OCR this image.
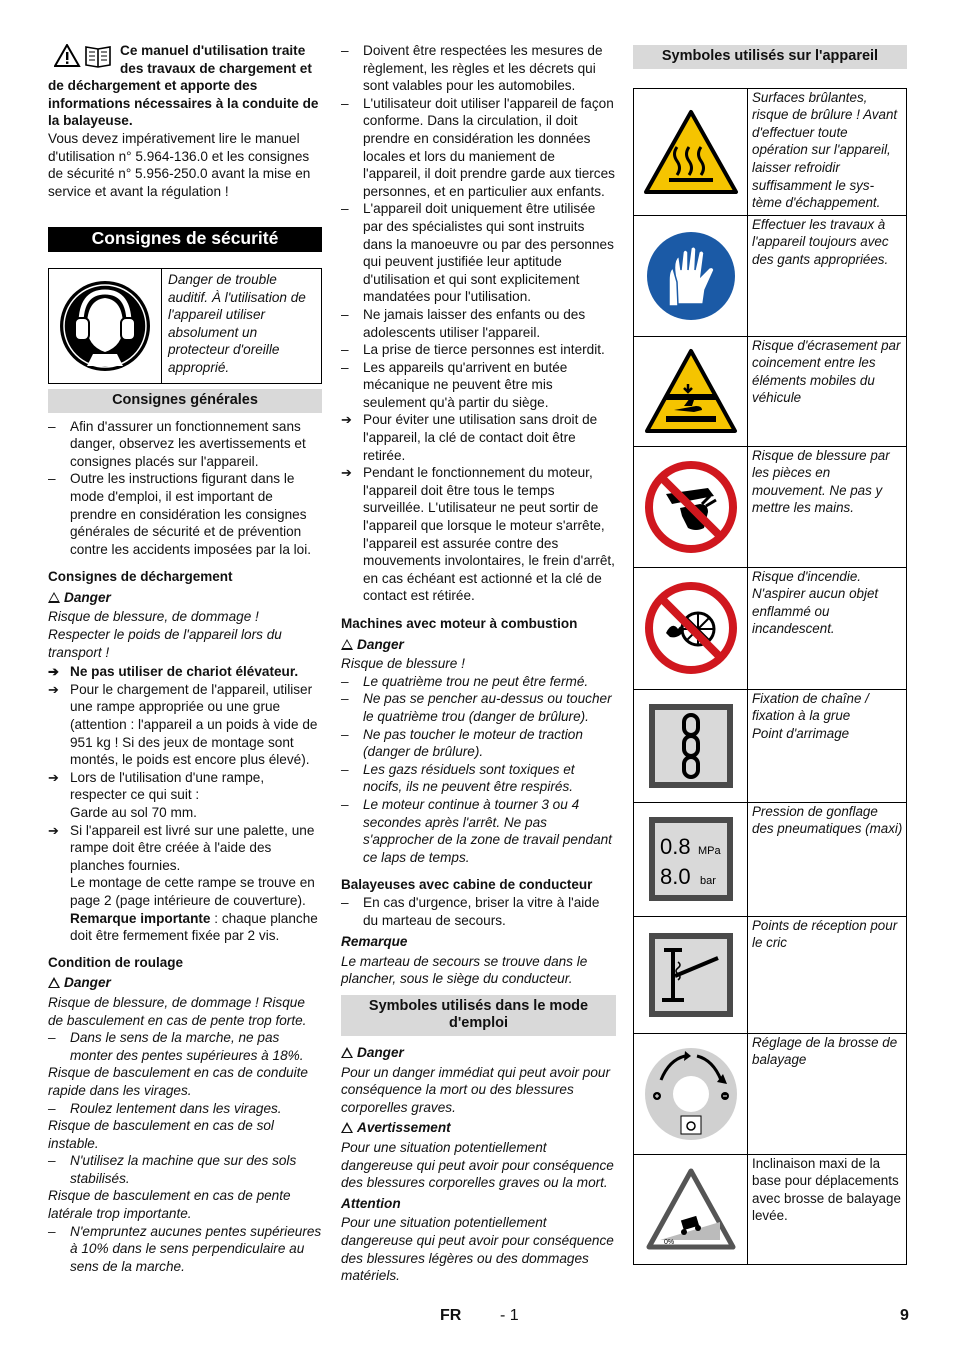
Ce manuel d'utilisation traite des travaux de chargement et de déchargement et apporte des informations nécessaires à la conduite de la balayeuse.

Vous devez impérativement lire le manuel d'utilisation n° 5.964-136.0 et les consignes de sécurité n° 5.956-250.0 avant la mise en service et avant la régulation !

Consignes de sécurité
Danger de trouble auditif. À l'utilisation de l'appareil utiliser absolument un protecteur d'oreille approprié.
Consignes générales
– Afin d'assurer un fonctionnement sans danger, observez les avertissements et consignes placés sur l'appareil.
– Outre les instructions figurant dans le mode d'emploi, il est important de prendre en considération les consignes générales de sécurité et de prévention contre les accidents imposées par la loi.

Consignes de déchargement

Danger

Risque de blessure, de dommage ! Respecter le poids de l'appareil lors du transport !

➔ Ne pas utiliser de chariot élévateur.
➔ Pour le chargement de l'appareil, utiliser une rampe appropriée ou une grue (attention : l'appareil a un poids à vide de 951 kg ! Si des jeux de montage sont montés, le poids est encore plus élevé).
➔ Lors de l'utilisation d'une rampe, respecter ce qui suit :

Garde au sol 70 mm.

➔ Si l'appareil est livré sur une palette, une rampe doit être créée à l'aide des planches fournies.

Le montage de cette rampe se trouve en page 2 (page intérieure de couverture).

Remarque importante : chaque planche doit être fermement fixée par 2 vis.

Condition de roulage

Danger

Risque de blessure, de dommage ! Risque de basculement en cas de pente trop forte.

– Dans le sens de la marche, ne pas monter des pentes supérieures à 18%.

Risque de basculement en cas de conduite rapide dans les virages.

– Roulez lentement dans les virages.

Risque de basculement en cas de sol instable.

– N'utilisez la machine que sur des sols stabilisés.

Risque de basculement en cas de pente latérale trop importante.

– N'empruntez aucunes pentes supérieures à 10% dans le sens perpendiculaire au sens de la marche.
– Doivent être respectées les mesures de règlement, les règles et les décrets qui sont valables pour les automobiles.
– L'utilisateur doit utiliser l'appareil de façon conforme. Dans la circulation, il doit prendre en considération les données locales et lors du maniement de l'appareil, il doit prendre garde aux tierces personnes, et en particulier aux enfants.
– L'appareil doit uniquement être utilisée par des spécialistes qui sont instruits dans la manoeuvre ou par des personnes qui peuvent justifiée leur aptitude d'utilisation et qui sont explicitement mandatées pour l'utilisation.
– Ne jamais laisser des enfants ou des adolescents utiliser l'appareil.
– La prise de tierce personnes est interdit.
– Les appareils qu'arrivent en butée mécanique ne peuvent être mis seulement qu'à partir du siège.
➔ Pour éviter une utilisation sans droit de l'appareil, la clé de contact doit être retirée.
➔ Pendant le fonctionnement du moteur, l'appareil doit être tous le temps surveillée. L'utilisateur ne peut sortir de l'appareil que lorsque le moteur s'arrête, l'appareil est assurée contre des mouvements involontaires, le frein d'arrêt, en cas échéant est actionné et la clé de contact est rétirée.

Machines avec moteur à combustion

Danger

Risque de blessure !

– Le quatrième trou ne peut être fermé.
– Ne pas se pencher au-dessus ou toucher le quatrième trou (danger de brûlure).
– Ne pas toucher le moteur de traction (danger de brûlure).
– Les gazs résiduels sont toxiques et nocifs, ils ne peuvent être respirés.
– Le moteur continue à tourner 3 ou 4 secondes après l'arrêt. Ne pas s'approcher de la zone de travail pendant ce laps de temps.

Balayeuses avec cabine de conducteur

– En cas d'urgence, briser la vitre à l'aide du marteau de secours.

Remarque

Le marteau de secours se trouve dans le plancher, sous le siège du conducteur.

Symboles utilisés dans le mode d'emploi

Danger

Pour un danger immédiat qui peut avoir pour conséquence la mort ou des blessures corporelles graves.

Avertissement

Pour une situation potentiellement dangereuse qui peut avoir pour conséquence des blessures corporelles graves ou la mort.

Attention

Pour une situation potentiellement dangereuse qui peut avoir pour conséquence des blessures légères ou des dommages matériels.

Symboles utilisés sur l'appareil
	Surfaces brûlantes, risque de brûlure ! Avant d'effectuer toute opération sur l'appareil, laisser refroidir suffisamment le sys-tème d'échappement.

	Effectuer les travaux à l'appareil toujours avec des gants appropriées.

	Risque d'écrasement par coincement entre les éléments mobiles du véhicule

	Risque de blessure par les pièces en mouvement. Ne pas y mettre les mains.

	Risque d'incendie. N'aspirer aucun objet enflammé ou incandescent.

	Fixation de chaîne / fixation à la grue
Point d'arrimage

0.8 MPa
8.0 bar	Pression de gonflage des pneumatiques (maxi)

	Points de réception pour le cric

	Réglage de la brosse de balayage

0%	Inclinaison maxi de la base pour déplacements avec brosse de balayage levée.
FR - 1	9
